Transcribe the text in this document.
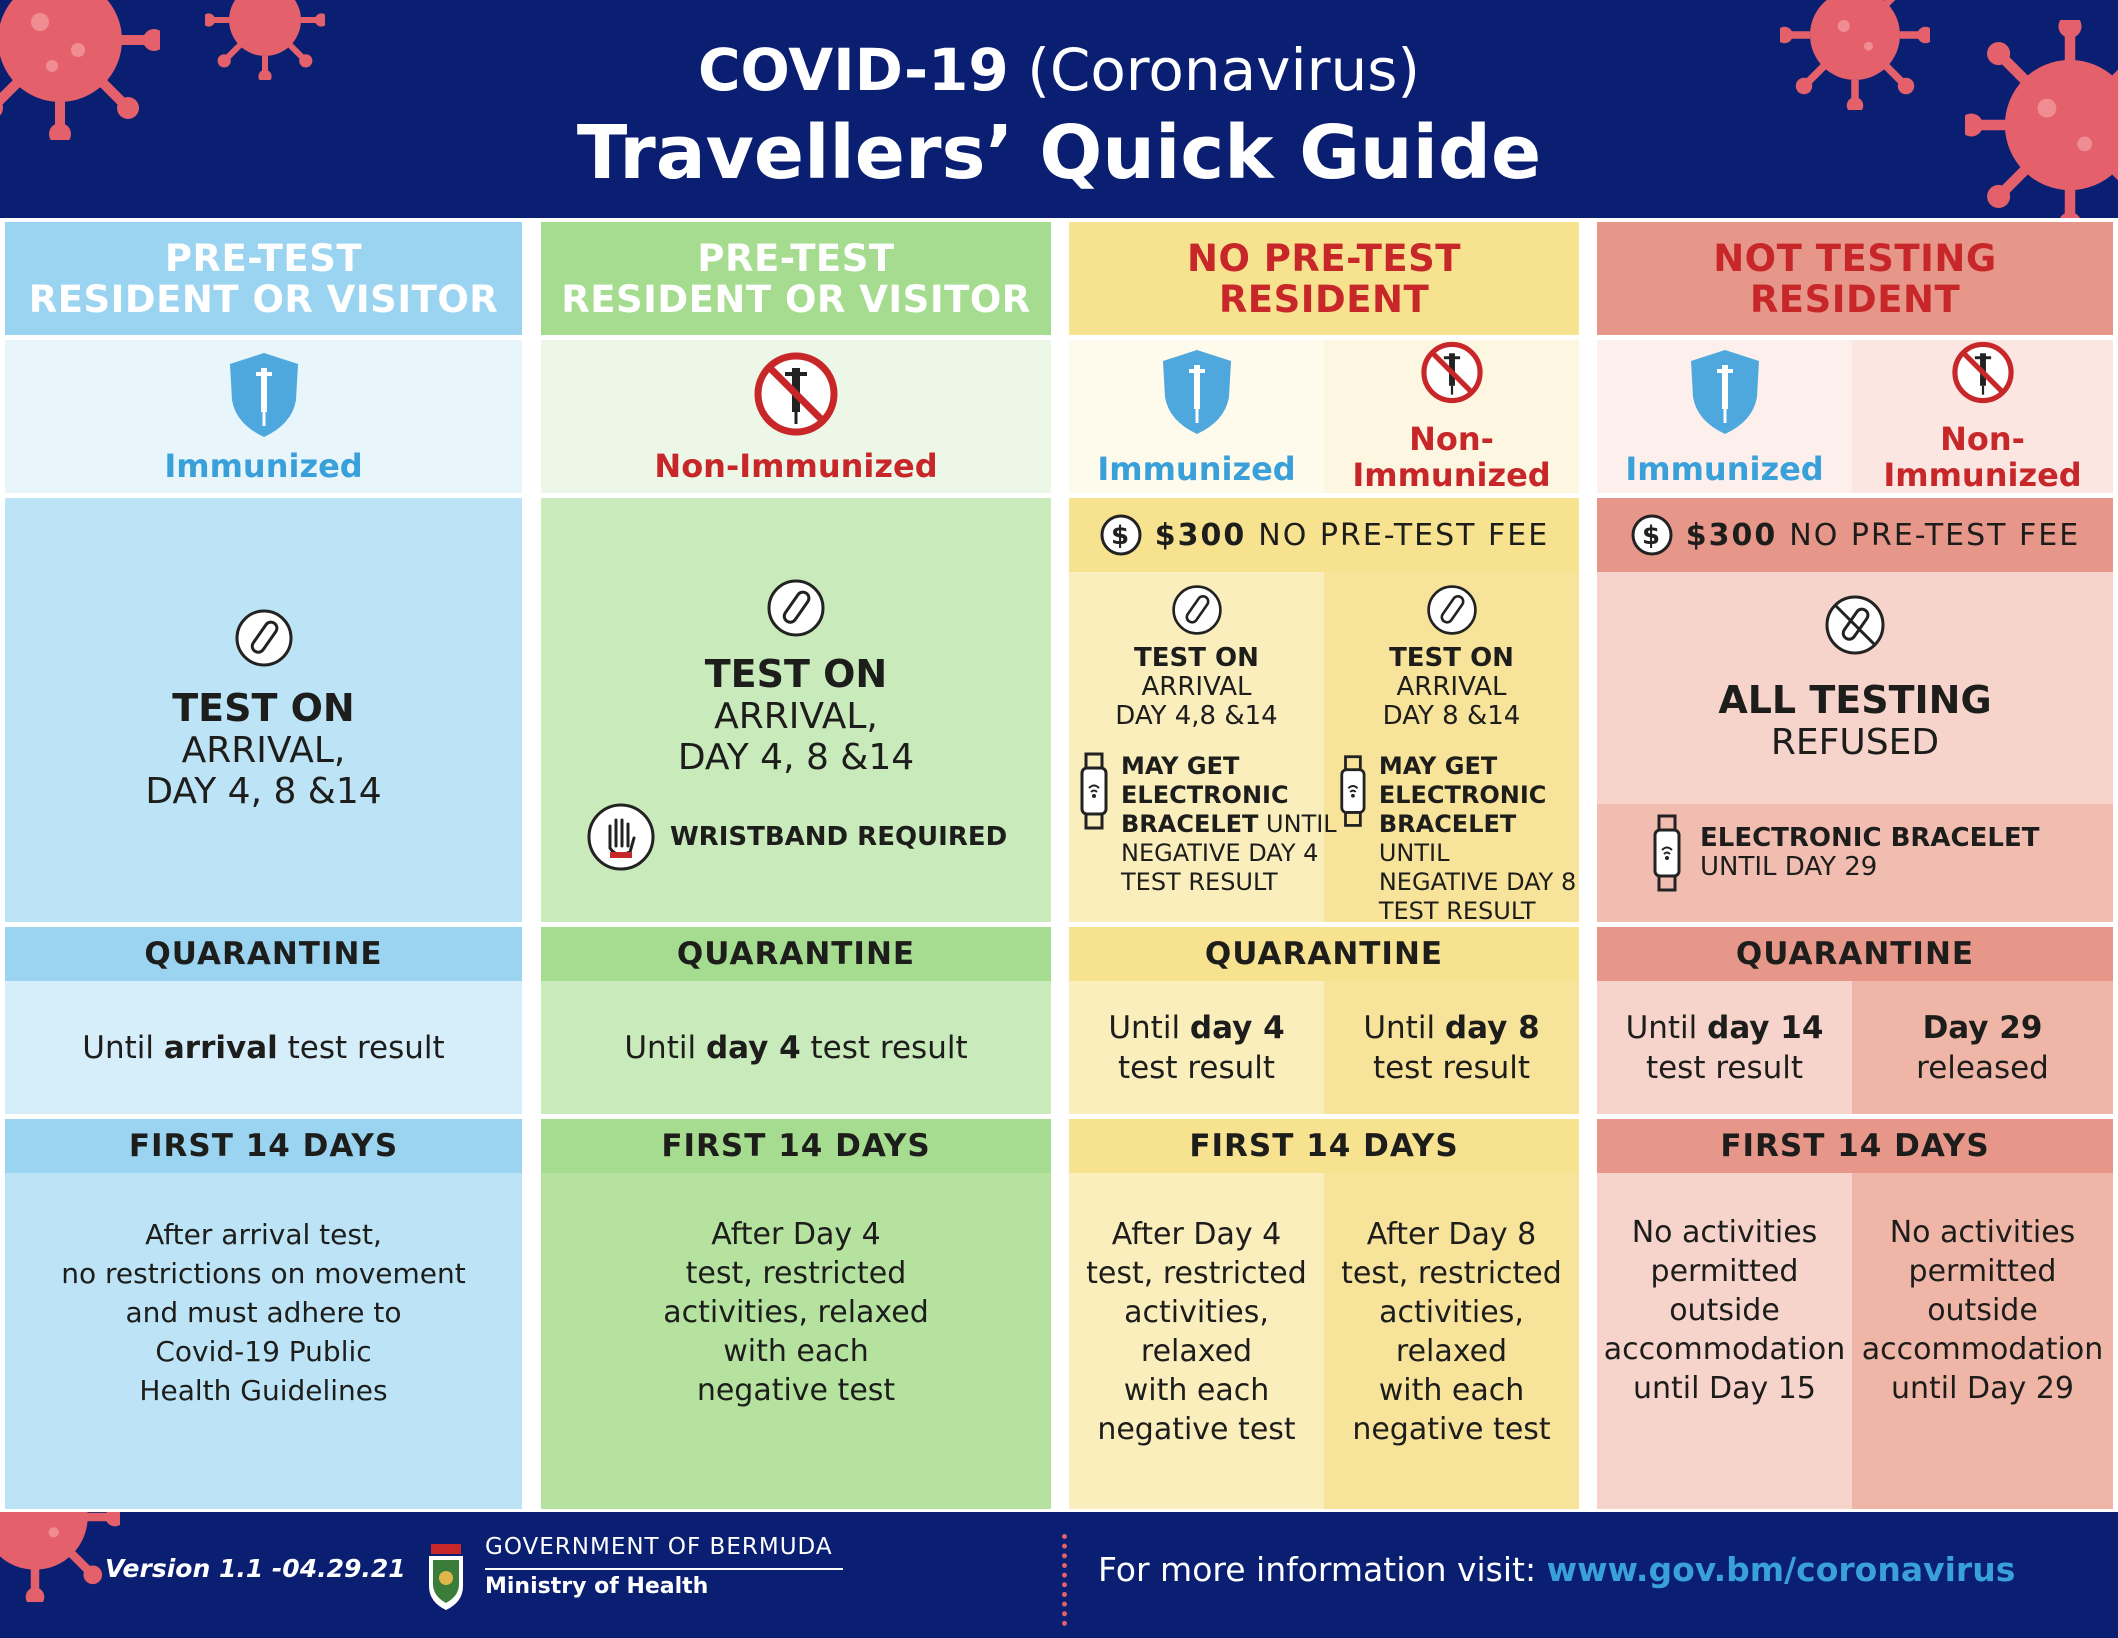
COVID-19 (Coronavirus)
Travellers’ Quick Guide
PRE-TEST
RESIDENT OR VISITOR
Immunized
TEST ON
ARRIVAL,
DAY 4, 8 &14
QUARANTINE
Until arrival test result
FIRST 14 DAYS
After arrival test,
no restrictions on movement
and must adhere to
Covid-19 Public
Health Guidelines
PRE-TEST
RESIDENT OR VISITOR
Non-Immunized
TEST ON
ARRIVAL,
DAY 4, 8 &14
WRISTBAND REQUIRED
QUARANTINE
Until day 4 test result
FIRST 14 DAYS
After Day 4
test, restricted
activities, relaxed
with each
negative test
NO PRE-TEST
RESIDENT
Immunized
Non-Immunized
$ $300 NO PRE-TEST FEE
TEST ON
ARRIVAL
DAY 4,8 &14
TEST ON
ARRIVAL
DAY 8 &14
MAY GET
ELECTRONIC
BRACELET UNTIL
NEGATIVE DAY 4
TEST RESULT
MAY GET
ELECTRONIC
BRACELET UNTIL
NEGATIVE DAY 8
TEST RESULT
QUARANTINE
Until day 4
test result
Until day 8
test result
FIRST 14 DAYS
After Day 4
test, restricted
activities,
relaxed
with each
negative test
After Day 8
test, restricted
activities,
relaxed
with each
negative test
NOT TESTING
RESIDENT
Immunized
Non-Immunized
$ $300 NO PRE-TEST FEE
ALL TESTING
REFUSED
ELECTRONIC BRACELET
UNTIL DAY 29
QUARANTINE
Until day 14
test result
Day 29
released
FIRST 14 DAYS
No activities
permitted
outside
accommodation
until Day 15
No activities
permitted
outside
accommodation
until Day 29
Version 1.1 -04.29.21
GOVERNMENT OF BERMUDA
Ministry of Health	For more information visit: www.gov.bm/coronavirus
